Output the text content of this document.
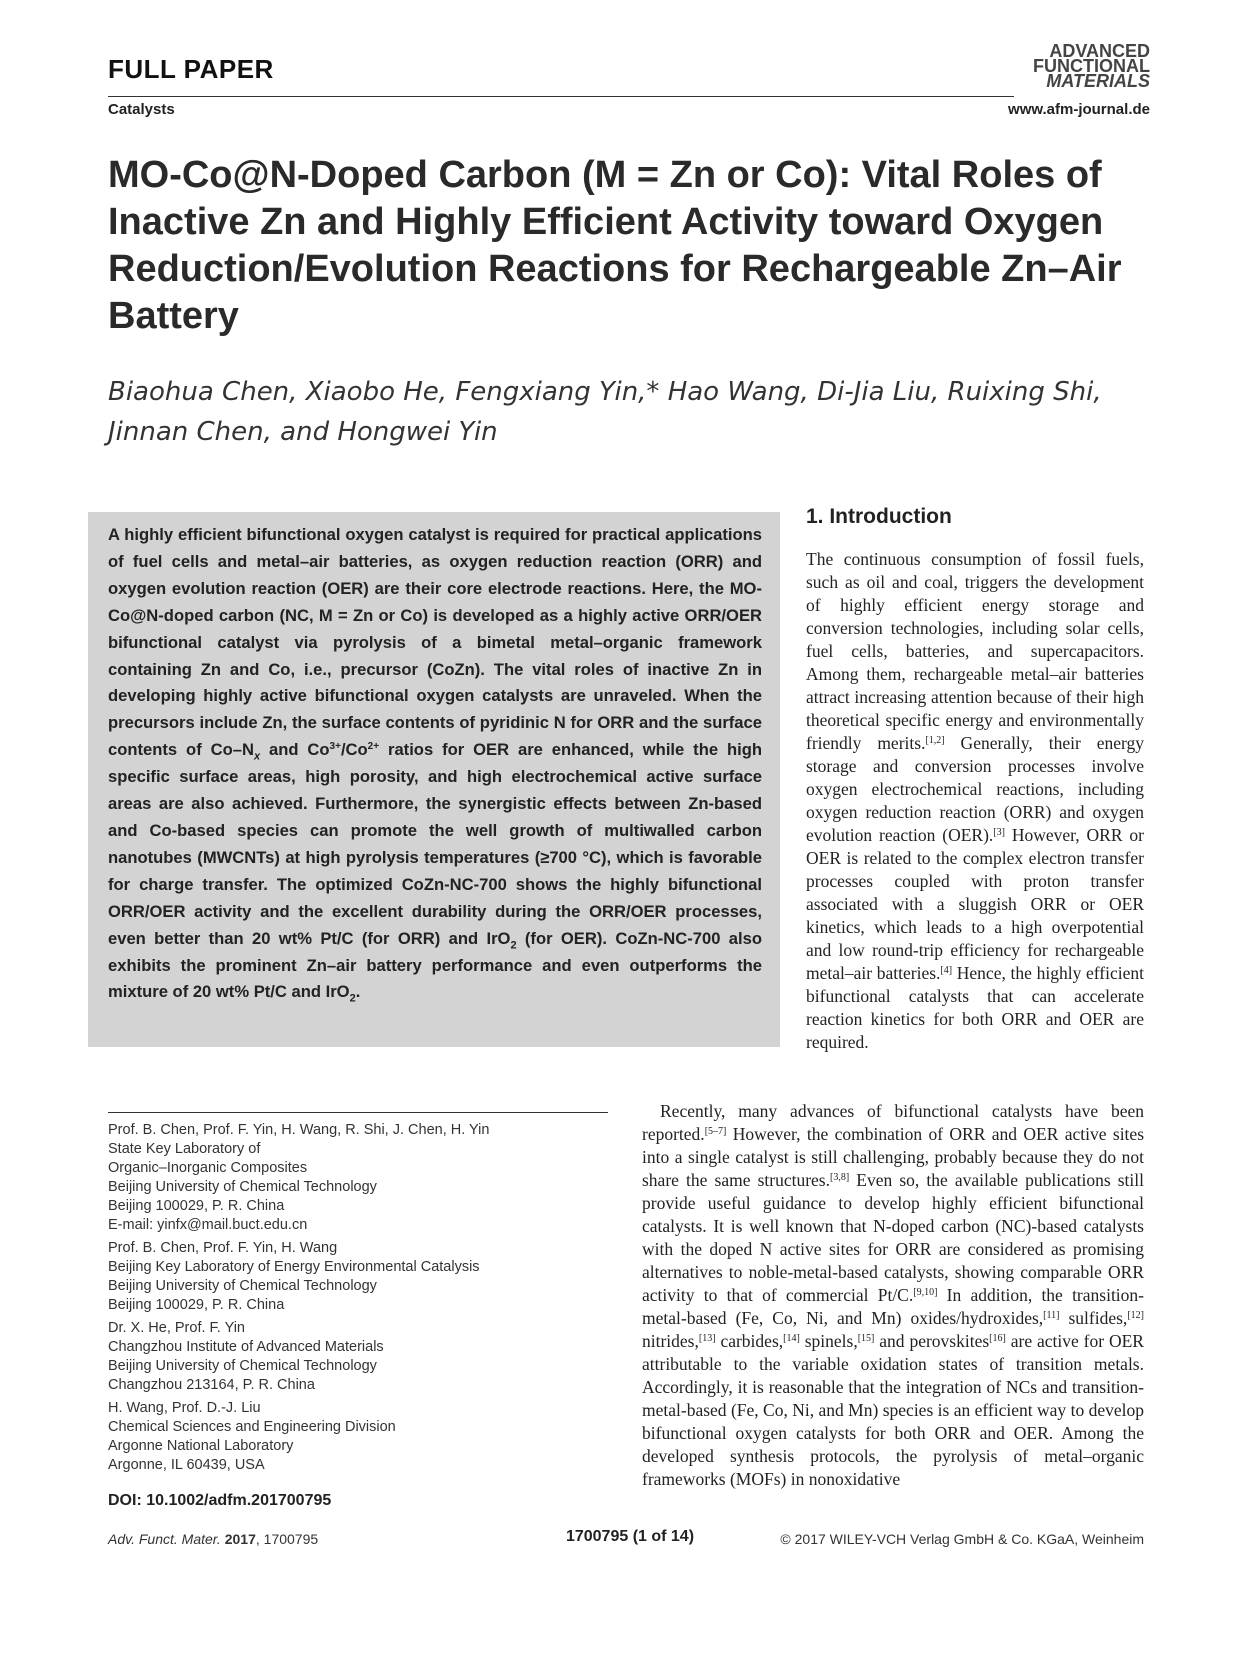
FULL PAPER
Catalysts
ADVANCED
FUNCTIONAL
MATERIALS
www.afm-journal.de
MO-Co@N-Doped Carbon (M = Zn or Co): Vital Roles of Inactive Zn and Highly Efficient Activity toward Oxygen Reduction/Evolution Reactions for Rechargeable Zn–Air Battery
Biaohua Chen, Xiaobo He, Fengxiang Yin,* Hao Wang, Di-Jia Liu, Ruixing Shi, Jinnan Chen, and Hongwei Yin
A highly efficient bifunctional oxygen catalyst is required for practical applications of fuel cells and metal–air batteries, as oxygen reduction reaction (ORR) and oxygen evolution reaction (OER) are their core electrode reactions. Here, the MO-Co@N-doped carbon (NC, M = Zn or Co) is developed as a highly active ORR/OER bifunctional catalyst via pyrolysis of a bimetal metal–organic framework containing Zn and Co, i.e., precursor (CoZn). The vital roles of inactive Zn in developing highly active bifunctional oxygen catalysts are unraveled. When the precursors include Zn, the surface contents of pyridinic N for ORR and the surface contents of $Co-N_x$ and $Co^{3+}/Co^{2+}$ ratios for OER are enhanced, while the high specific surface areas, high porosity, and high electrochemical active surface areas are also achieved. Furthermore, the synergistic effects between Zn-based and Co-based species can promote the well growth of multiwalled carbon nanotubes (MWCNTs) at high pyrolysis temperatures (≥700 °C), which is favorable for charge transfer. The optimized CoZn-NC-700 shows the highly bifunctional ORR/OER activity and the excellent durability during the ORR/OER processes, even better than 20 wt% Pt/C (for ORR) and IrO$_2$ (for OER). CoZn-NC-700 also exhibits the prominent Zn–air battery performance and even outperforms the mixture of 20 wt% Pt/C and IrO$_2$.
1. Introduction
The continuous consumption of fossil fuels, such as oil and coal, triggers the development of highly efficient energy storage and conversion technologies, including solar cells, fuel cells, batteries, and supercapacitors. Among them, rechargeable metal–air batteries attract increasing attention because of their high theoretical specific energy and environmentally friendly merits.[1,2] Generally, their energy storage and conversion processes involve oxygen electrochemical reactions, including oxygen reduction reaction (ORR) and oxygen evolution reaction (OER).[3] However, ORR or OER is related to the complex electron transfer processes coupled with proton transfer associated with a sluggish ORR or OER kinetics, which leads to a high overpotential and low round-trip efficiency for rechargeable metal–air batteries.[4] Hence, the highly efficient bifunctional catalysts that can accelerate reaction kinetics for both ORR and OER are required.

Recently, many advances of bifunctional catalysts have been reported.[5–7] However, the combination of ORR and OER active sites into a single catalyst is still challenging, probably because they do not share the same structures.[3,8] Even so, the available publications still provide useful guidance to develop highly efficient bifunctional catalysts. It is well known that N-doped carbon (NC)-based catalysts with the doped N active sites for ORR are considered as promising alternatives to noble-metal-based catalysts, showing comparable ORR activity to that of commercial Pt/C.[9,10] In addition, the transition-metal-based (Fe, Co, Ni, and Mn) oxides/hydroxides,[11] sulfides,[12] nitrides,[13] carbides,[14] spinels,[15] and perovskites[16] are active for OER attributable to the variable oxidation states of transition metals. Accordingly, it is reasonable that the integration of NCs and transition-metal-based (Fe, Co, Ni, and Mn) species is an efficient way to develop bifunctional oxygen catalysts for both ORR and OER. Among the developed synthesis protocols, the pyrolysis of metal–organic frameworks (MOFs) in nonoxidative

Prof. B. Chen, Prof. F. Yin, H. Wang, R. Shi, J. Chen, H. Yin
State Key Laboratory of
Organic–Inorganic Composites
Beijing University of Chemical Technology
Beijing 100029, P. R. China
E-mail: yinfx@mail.buct.edu.cn
Prof. B. Chen, Prof. F. Yin, H. Wang
Beijing Key Laboratory of Energy Environmental Catalysis
Beijing University of Chemical Technology
Beijing 100029, P. R. China
Dr. X. He, Prof. F. Yin
Changzhou Institute of Advanced Materials
Beijing University of Chemical Technology
Changzhou 213164, P. R. China
H. Wang, Prof. D.-J. Liu
Chemical Sciences and Engineering Division
Argonne National Laboratory
Argonne, IL 60439, USA
DOI: 10.1002/adfm.201700795
Adv. Funct. Mater. 2017, 1700795	1700795 (1 of 14)	© 2017 WILEY-VCH Verlag GmbH & Co. KGaA, Weinheim
